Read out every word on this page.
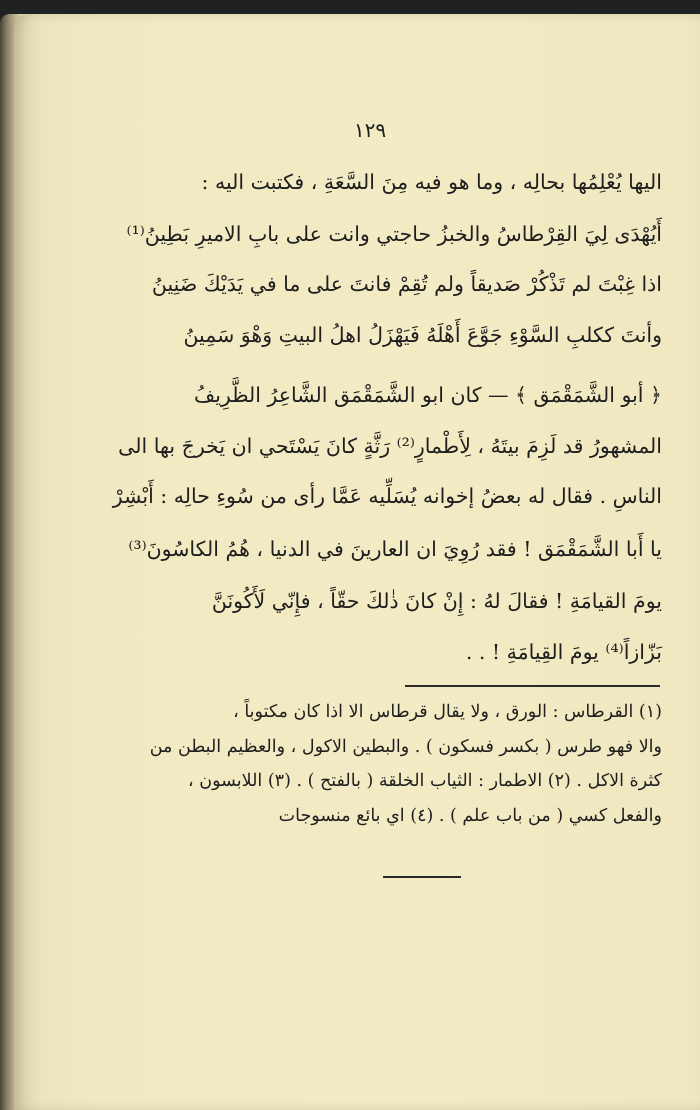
١٢٩
اليها يُعْلِمُها بحالِه ، وما هو فيه مِنَ السَّعَةِ ، فكتبت اليه :
أَيُهْدَى لِيَ القِرْطاسُ والخبزُ حاجتي وانت على بابِ الاميرِ بَطِينُ⁽¹⁾
اذا غِبْتَ لم تَذْكُرْ صَديقاً ولم تُقِمْ فانتَ على ما في يَدَيْكَ ضَنِينُ
وأنتَ ككلبِ السَّوْءِ جَوَّعَ أَهْلَهُ فَيَهْزَلُ اهلُ البيتِ وَهْوَ سَمِينُ
﴿ أبو الشَّمَقْمَق ﴾ — كان ابو الشَّمَقْمَق الشَّاعِرُ الظَّرِيفُ
المشهورُ قد لَزِمَ بيتَهُ ، لِأَطْمارٍ⁽²⁾ رَثَّةٍ كانَ يَسْتَحي ان يَخرجَ بها الى
الناسِ . فقال له بعضُ إخوانه يُسَلِّيه عَمَّا رأى من سُوءِ حالِه : أَبْشِرْ
يا أَبا الشَّمَقْمَق ! فقد رُوِيَ ان العارينَ في الدنيا ، هُمُ الكاسُونَ⁽³⁾
يومَ القيامَةِ ! فقالَ لهُ : إِنْ كانَ ذٰلكَ حقّاً ، فإِنّي لَأَكُونَنَّ
بَزّازاً⁽⁴⁾ يومَ القِيامَةِ ! . .
(١) القرطاس : الورق ، ولا يقال قرطاس الا اذا كان مكتوباً ،
والا فهو طرس ( بكسر فسكون ) . والبطين الاكول ، والعظيم البطن من
كثرة الاكل . (٢) الاطمار : الثياب الخلقة ( بالفتح ) . (٣) اللابسون ،
والفعل كسي ( من باب علم ) . (٤) اي بائع منسوجات
